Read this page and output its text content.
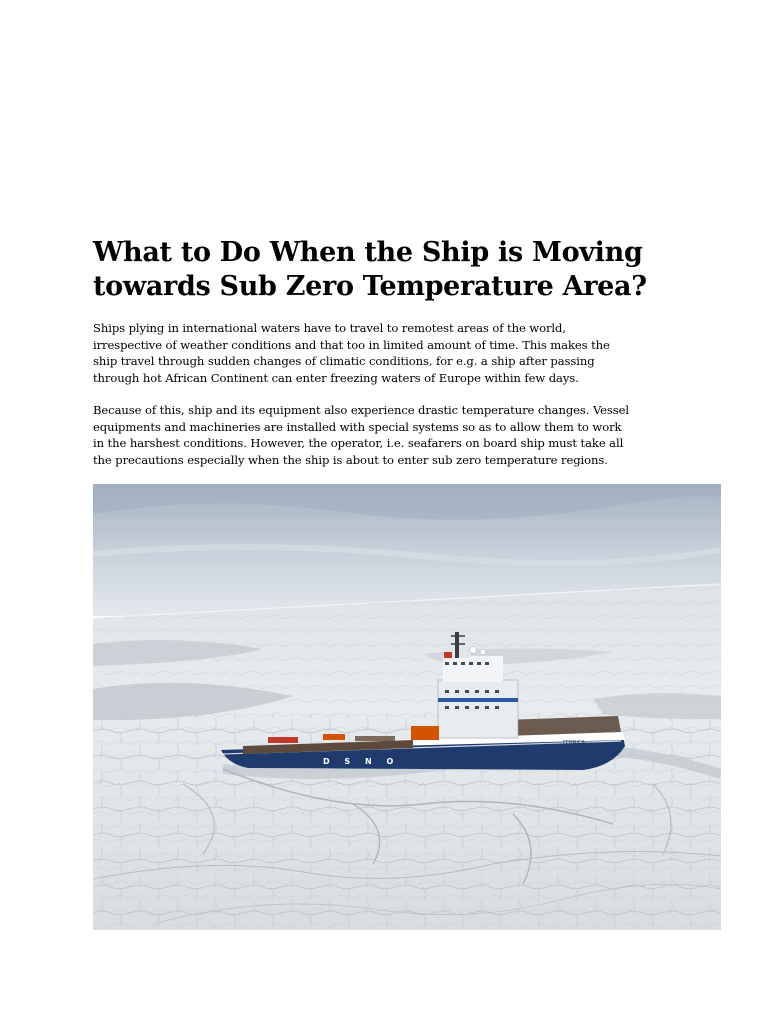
What to Do When the Ship is Moving
towards Sub Zero Temperature Area?

Ships plying in international waters have to travel to remotest areas of the world,
irrespective of weather conditions and that too in limited amount of time. This makes the
ship travel through sudden changes of climatic conditions, for e.g. a ship after passing
through hot African Continent can enter freezing waters of Europe within few days.

Because of this, ship and its equipment also experience drastic temperature changes. Vessel
equipments and machineries are installed with special systems so as to allow them to work
in the harshest conditions. However, the operator, i.e. seafarers on board ship must take all
the precautions especially when the ship is about to enter sub zero temperature regions.

D S N O
FENNICA
